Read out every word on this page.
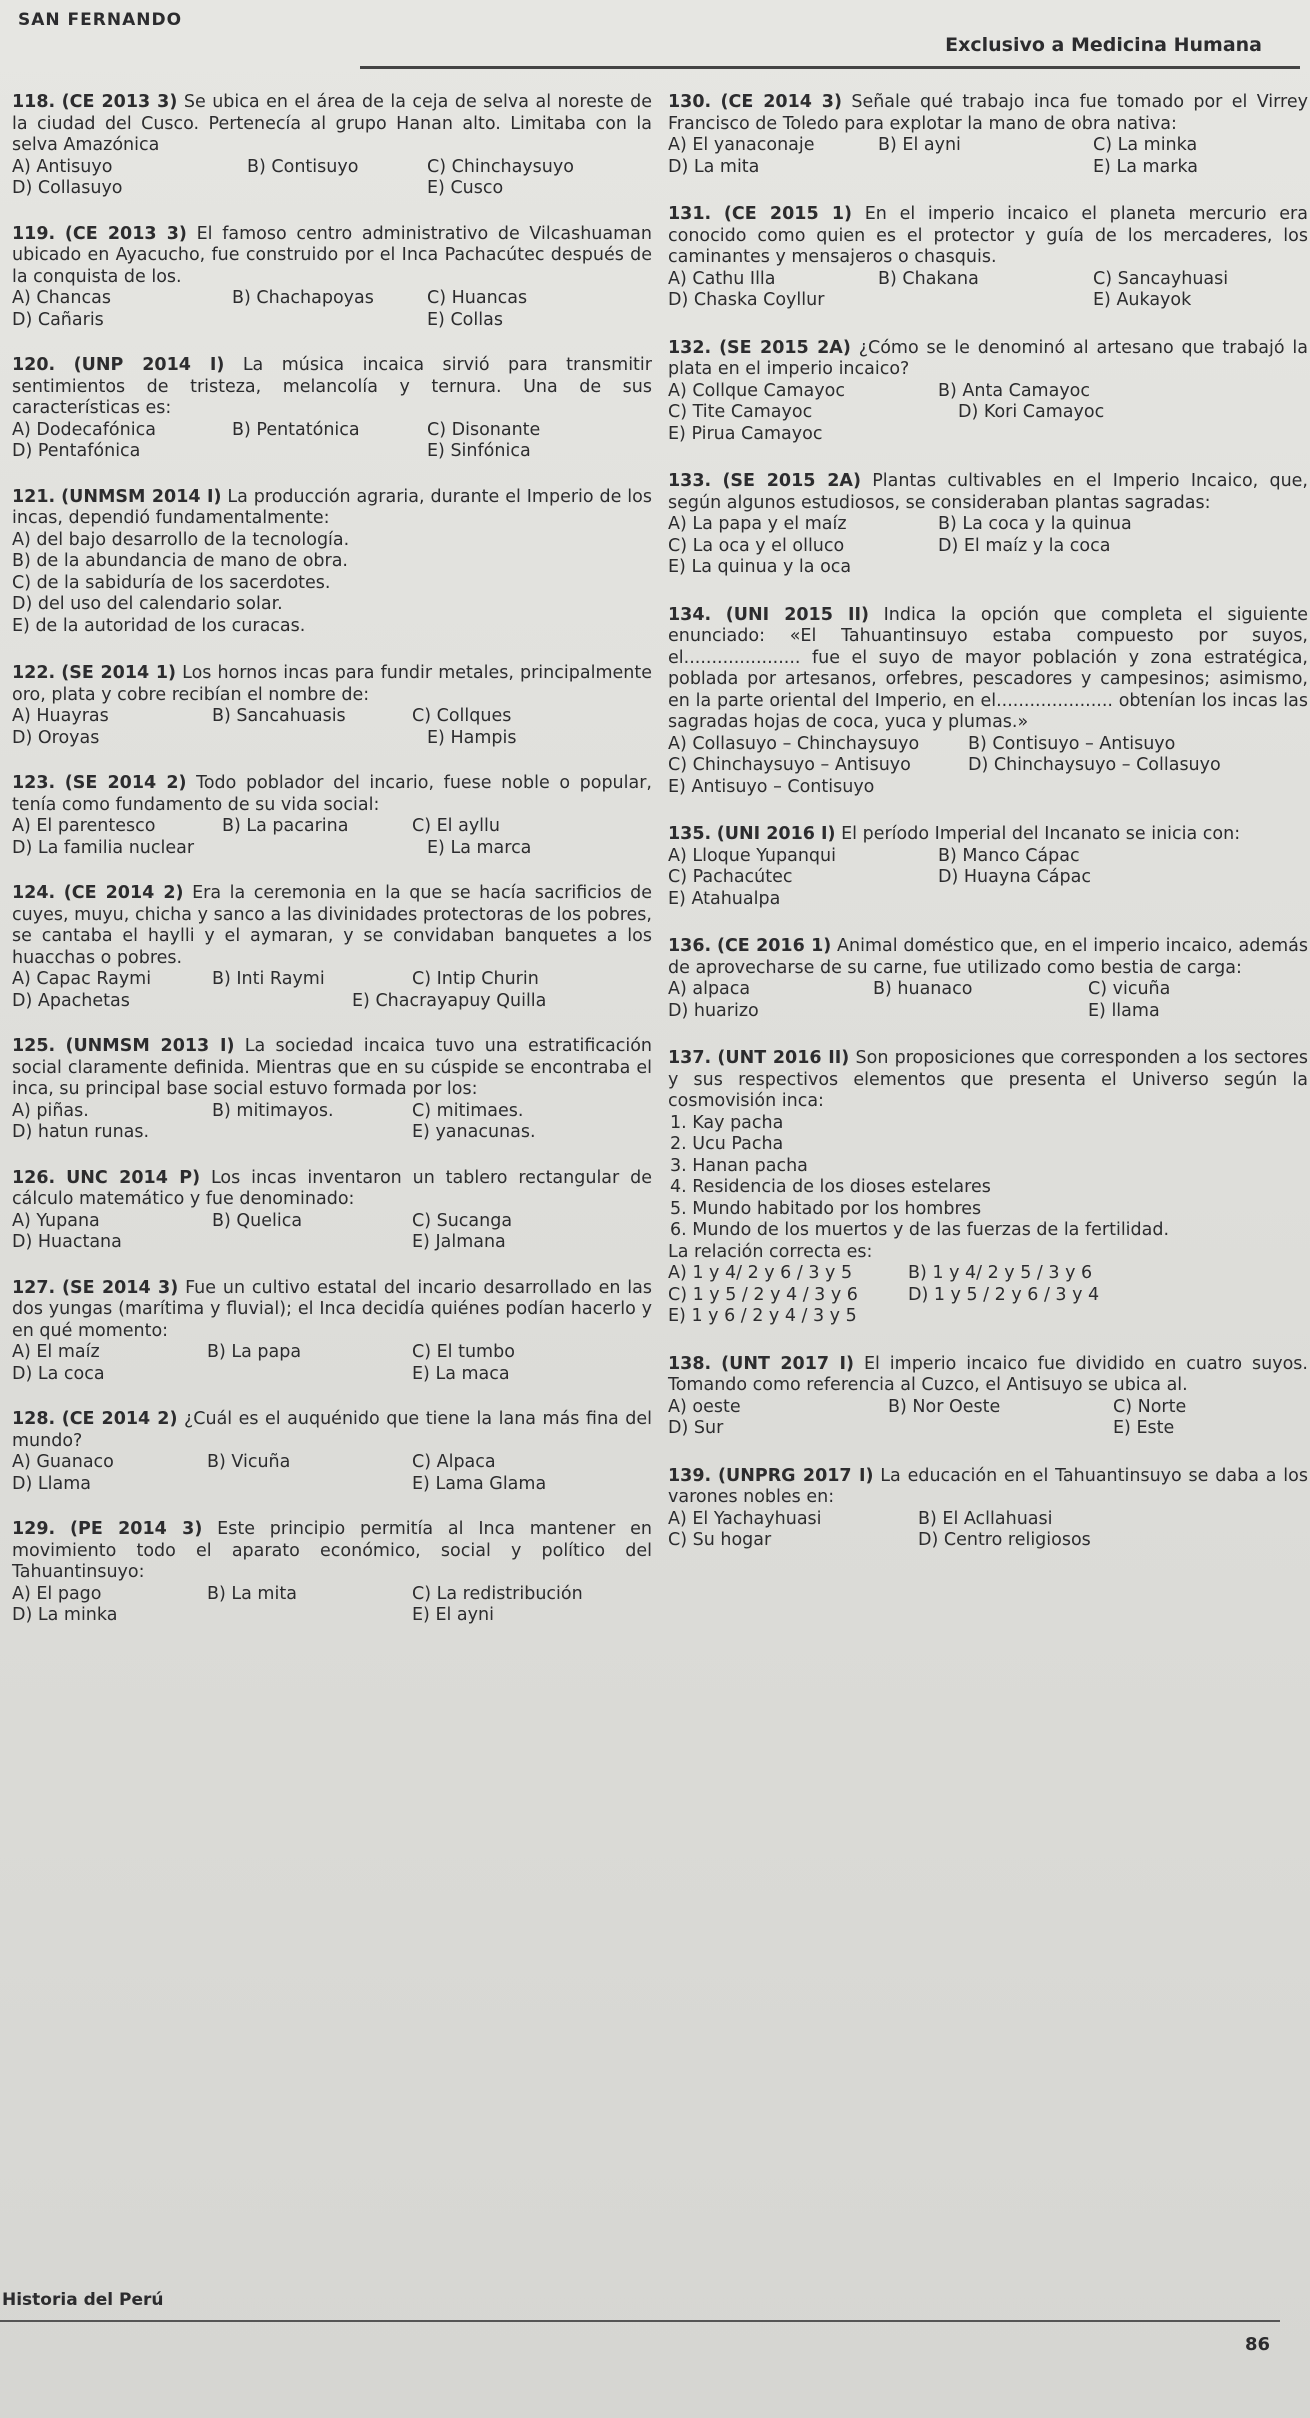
SAN FERNANDO
Exclusivo a Medicina Humana
118. (CE 2013 3) Se ubica en el área de la ceja de selva al noreste de la ciudad del Cusco. Pertenecía al grupo Hanan alto. Limitaba con la selva Amazónica
A) Antisuyo	B) Contisuyo	C) Chinchaysuyo
D) Collasuyo	E) Cusco
119. (CE 2013 3) El famoso centro administrativo de Vilcashuaman ubicado en Ayacucho, fue construido por el Inca Pachacútec después de la conquista de los.
A) Chancas	B) Chachapoyas	C) Huancas
D) Cañaris	E) Collas
120. (UNP 2014 I) La música incaica sirvió para transmitir sentimientos de tristeza, melancolía y ternura. Una de sus características es:
A) Dodecafónica	B) Pentatónica	C) Disonante
D) Pentafónica	E) Sinfónica
121. (UNMSM 2014 I) La producción agraria, durante el Imperio de los incas, dependió fundamentalmente:
A) del bajo desarrollo de la tecnología.
B) de la abundancia de mano de obra.
C) de la sabiduría de los sacerdotes.
D) del uso del calendario solar.
E) de la autoridad de los curacas.
122. (SE 2014 1) Los hornos incas para fundir metales, principalmente oro, plata y cobre recibían el nombre de:
A) Huayras	B) Sancahuasis	C) Collques
D) Oroyas	E) Hampis
123. (SE 2014 2) Todo poblador del incario, fuese noble o popular, tenía como fundamento de su vida social:
A) El parentesco	B) La pacarina	C) El ayllu
D) La familia nuclear	E) La marca
124. (CE 2014 2) Era la ceremonia en la que se hacía sacrificios de cuyes, muyu, chicha y sanco a las divinidades protectoras de los pobres, se cantaba el haylli y el aymaran, y se convidaban banquetes a los huacchas o pobres.
A) Capac Raymi	B) Inti Raymi	C) Intip Churin
D) Apachetas	E) Chacrayapuy Quilla
125. (UNMSM 2013 I) La sociedad incaica tuvo una estratificación social claramente definida. Mientras que en su cúspide se encontraba el inca, su principal base social estuvo formada por los:
A) piñas.	B) mitimayos.	C) mitimaes.
D) hatun runas.	E) yanacunas.
126. UNC 2014 P) Los incas inventaron un tablero rectangular de cálculo matemático y fue denominado:
A) Yupana	B) Quelica	C) Sucanga
D) Huactana	E) Jalmana
127. (SE 2014 3) Fue un cultivo estatal del incario desarrollado en las dos yungas (marítima y fluvial); el Inca decidía quiénes podían hacerlo y en qué momento:
A) El maíz	B) La papa	C) El tumbo
D) La coca	E) La maca
128. (CE 2014 2) ¿Cuál es el auquénido que tiene la lana más fina del mundo?
A) Guanaco	B) Vicuña	C) Alpaca
D) Llama	E) Lama Glama
129. (PE 2014 3) Este principio permitía al Inca mantener en movimiento todo el aparato económico, social y político del Tahuantinsuyo:
A) El pago	B) La mita	C) La redistribución
D) La minka	E) El ayni
130. (CE 2014 3) Señale qué trabajo inca fue tomado por el Virrey Francisco de Toledo para explotar la mano de obra nativa:
A) El yanaconaje	B) El ayni	C) La minka
D) La mita	E) La marka
131. (CE 2015 1) En el imperio incaico el planeta mercurio era conocido como quien es el protector y guía de los mercaderes, los caminantes y mensajeros o chasquis.
A) Cathu Illa	B) Chakana	C) Sancayhuasi
D) Chaska Coyllur	E) Aukayok
132. (SE 2015 2A) ¿Cómo se le denominó al artesano que trabajó la plata en el imperio incaico?
A) Collque Camayoc	B) Anta Camayoc
C) Tite Camayoc	D) Kori Camayoc
E) Pirua Camayoc
133. (SE 2015 2A) Plantas cultivables en el Imperio Incaico, que, según algunos estudiosos, se consideraban plantas sagradas:
A) La papa y el maíz	B) La coca y la quinua
C) La oca y el olluco	D) El maíz y la coca
E) La quinua y la oca
134. (UNI 2015 II) Indica la opción que completa el siguiente enunciado: «El Tahuantinsuyo estaba compuesto por suyos, el..................... fue el suyo de mayor población y zona estratégica, poblada por artesanos, orfebres, pescadores y campesinos; asimismo, en la parte oriental del Imperio, en el..................... obtenían los incas las sagradas hojas de coca, yuca y plumas.»
A) Collasuyo – Chinchaysuyo	B) Contisuyo – Antisuyo
C) Chinchaysuyo – Antisuyo	D) Chinchaysuyo – Collasuyo
E) Antisuyo – Contisuyo
135. (UNI 2016 I) El período Imperial del Incanato se inicia con:
A) Lloque Yupanqui	B) Manco Cápac
C) Pachacútec	D) Huayna Cápac
E) Atahualpa
136. (CE 2016 1) Animal doméstico que, en el imperio incaico, además de aprovecharse de su carne, fue utilizado como bestia de carga:
A) alpaca	B) huanaco	C) vicuña
D) huarizo	E) llama
137. (UNT 2016 II) Son proposiciones que corresponden a los sectores y sus respectivos elementos que presenta el Universo según la cosmovisión inca:
1. Kay pacha
2. Ucu Pacha
3. Hanan pacha
4. Residencia de los dioses estelares
5. Mundo habitado por los hombres
6. Mundo de los muertos y de las fuerzas de la fertilidad.
La relación correcta es:
A) 1 y 4/ 2 y 6 / 3 y 5	B) 1 y 4/ 2 y 5 / 3 y 6
C) 1 y 5 / 2 y 4 / 3 y 6	D) 1 y 5 / 2 y 6 / 3 y 4
E) 1 y 6 / 2 y 4 / 3 y 5
138. (UNT 2017 I) El imperio incaico fue dividido en cuatro suyos. Tomando como referencia al Cuzco, el Antisuyo se ubica al.
A) oeste	B) Nor Oeste	C) Norte
D) Sur	E) Este
139. (UNPRG 2017 I) La educación en el Tahuantinsuyo se daba a los varones nobles en:
A) El Yachayhuasi	B) El Acllahuasi
C) Su hogar	D) Centro religiosos
Historia del Perú
86
